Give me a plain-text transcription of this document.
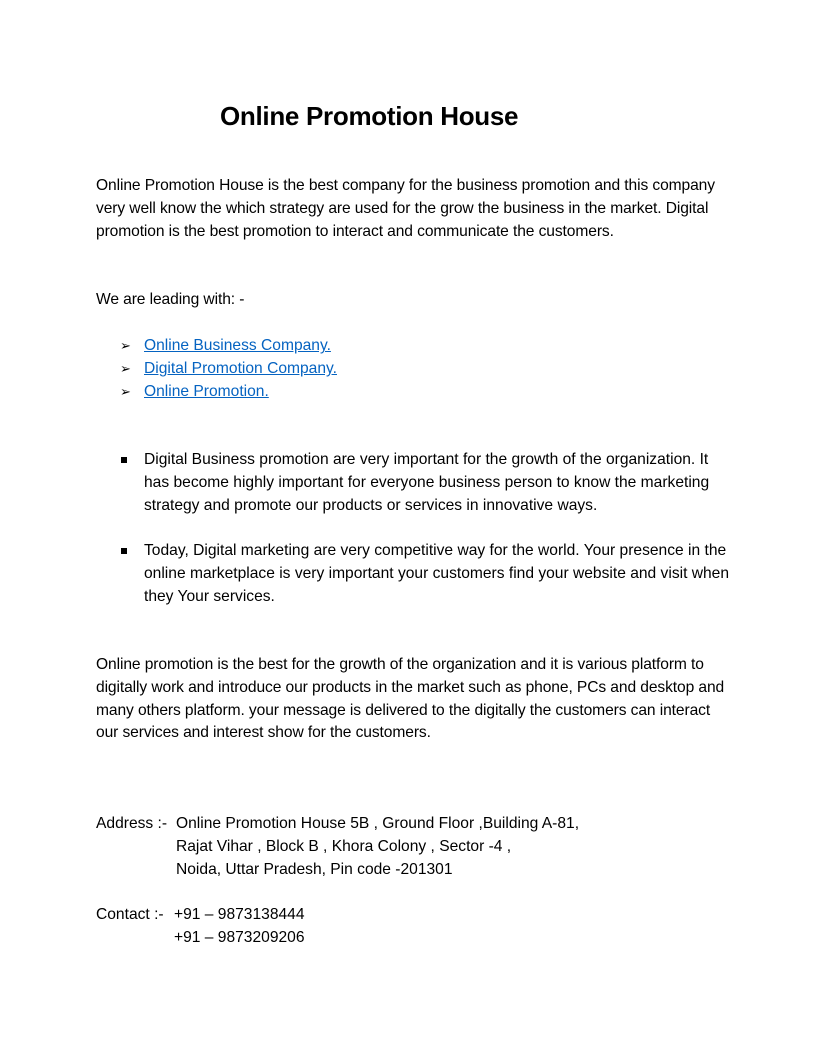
Online Promotion House

Online Promotion House is the best company for the business promotion and this company very well know the which strategy are used for the grow the business in the market. Digital promotion is the best promotion to interact and communicate the customers.

We are leading with: -

➢ Online Business Company.
➢ Digital Promotion Company.
➢ Online Promotion.
Digital Business promotion are very important for the growth of the organization. It has become highly important for everyone business person to know the marketing strategy and promote our products or services in innovative ways.
Today, Digital marketing are very competitive way for the world. Your presence in the online marketplace is very important your customers find your website and visit when they Your services.

Online promotion is the best for the growth of the organization and it is various platform to digitally work and introduce our products in the market such as phone, PCs and desktop and many others platform. your message is delivered to the digitally the customers can interact our services and interest show for the customers.

Address :- Online Promotion House 5B , Ground Floor ,Building A-81,
Rajat Vihar , Block B , Khora Colony , Sector -4 ,
Noida, Uttar Pradesh, Pin code -201301
Contact :- +91 – 9873138444
+91 – 9873209206
